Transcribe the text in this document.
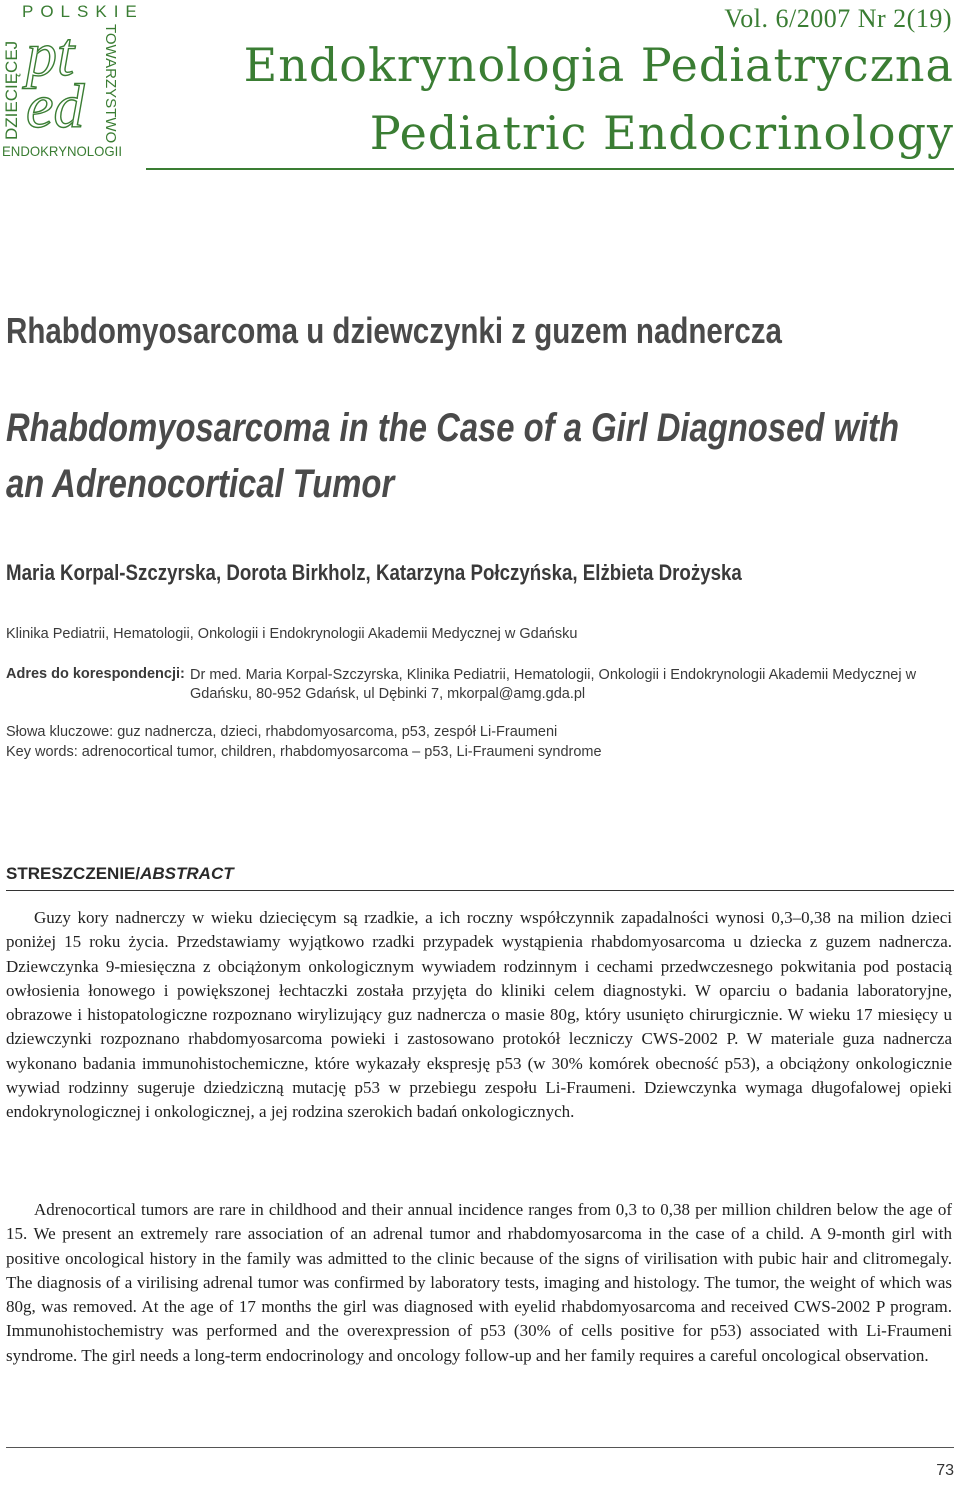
POLSKIE
DZIECIĘCEJ	TOWARZYSTWO
pt
ed
ENDOKRYNOLOGII
Vol. 6/2007 Nr 2(19)
Endokrynologia Pediatryczna
Pediatric Endocrinology
Rhabdomyosarcoma u dziewczynki z guzem nadnercza
Rhabdomyosarcoma in the Case of a Girl Diagnosed with an Adrenocortical Tumor
Maria Korpal-Szczyrska, Dorota Birkholz, Katarzyna Połczyńska, Elżbieta Drożyska
Klinika Pediatrii, Hematologii, Onkologii i Endokrynologii Akademii Medycznej w Gdańsku
Adres do korespondencji: Dr med. Maria Korpal-Szczyrska, Klinika Pediatrii, Hematologii, Onkologii i Endokrynologii Akademii Medycznej w Gdańsku, 80-952 Gdańsk, ul Dębinki 7, mkorpal@amg.gda.pl
Słowa kluczowe: guz nadnercza, dzieci, rhabdomyosarcoma, p53, zespół Li-Fraumeni
Key words: adrenocortical tumor, children, rhabdomyosarcoma – p53, Li-Fraumeni syndrome
STRESZCZENIE/ABSTRACT
Guzy kory nadnerczy w wieku dziecięcym są rzadkie, a ich roczny współczynnik zapadalności wynosi 0,3–0,38 na milion dzieci poniżej 15 roku życia. Przedstawiamy wyjątkowo rzadki przypadek wystąpienia rhabdomyosarcoma u dziecka z guzem nadnercza. Dziewczynka 9-miesięczna z obciążonym onkologicznym wywiadem rodzinnym i cechami przedwczesnego pokwitania pod postacią owłosienia łonowego i powiększonej łechtaczki została przyjęta do kliniki celem diagnostyki. W oparciu o badania laboratoryjne, obrazowe i histopatologiczne rozpoznano wirylizujący guz nadnercza o masie 80g, który usunięto chirurgicznie. W wieku 17 miesięcy u dziewczynki rozpoznano rhabdomyosarcoma powieki i zastosowano protokół leczniczy CWS-2002 P. W materiale guza nadnercza wykonano badania immunohistochemiczne, które wykazały ekspresję p53 (w 30% komórek obecność p53), a obciążony onkologicznie wywiad rodzinny sugeruje dziedziczną mutację p53 w przebiegu zespołu Li-Fraumeni. Dziewczynka wymaga długofalowej opieki endokrynologicznej i onkologicznej, a jej rodzina szerokich badań onkologicznych.
Adrenocortical tumors are rare in childhood and their annual incidence ranges from 0,3 to 0,38 per million children below the age of 15. We present an extremely rare association of an adrenal tumor and rhabdomyosarcoma in the case of a child. A 9-month girl with positive oncological history in the family was admitted to the clinic because of the signs of virilisation with pubic hair and clitromegaly. The diagnosis of a virilising adrenal tumor was confirmed by laboratory tests, imaging and histology. The tumor, the weight of which was 80g, was removed. At the age of 17 months the girl was diagnosed with eyelid rhabdomyosarcoma and received CWS-2002 P program. Immunohistochemistry was performed and the overexpression of p53 (30% of cells positive for p53) associated with Li-Fraumeni syndrome. The girl needs a long-term endocrinology and oncology follow-up and her family requires a careful oncological observation.
73
